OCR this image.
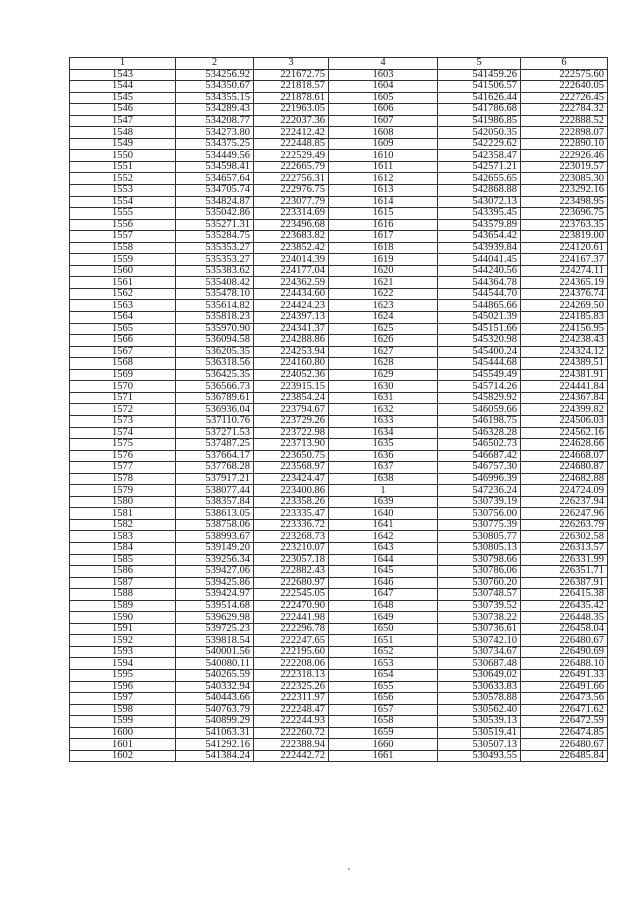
1	2	3	4	5	6
1543	534256.92	221672.75	1603	541459.26	222575.60
1544	534350.67	221818.57	1604	541506.57	222640.05
1545	534355.15	221878.61	1605	541626.44	222726.45
1546	534289.43	221963.05	1606	541786.68	222784.32
1547	534208.77	222037.36	1607	541986.85	222888.52
1548	534273.80	222412.42	1608	542050.35	222898.07
1549	534375.25	222448.85	1609	542229.62	222890.10
1550	534449.56	222529.49	1610	542358.47	222926.46
1551	534598.41	222665.79	1611	542571.21	223019.57
1552	534657.64	222756.31	1612	542655.65	223085.30
1553	534705.74	222976.75	1613	542868.88	223292.16
1554	534824.87	223077.79	1614	543072.13	223498.95
1555	535042.86	223314.69	1615	543395.45	223696.75
1556	535271.31	223496.68	1616	543579.89	223763.35
1557	535284.75	223683.82	1617	543654.42	223819.00
1558	535353.27	223852.42	1618	543939.84	224120.61
1559	535353.27	224014.39	1619	544041.45	224167.37
1560	535383.62	224177.04	1620	544240.56	224274.11
1561	535408.42	224362.59	1621	544364.78	224365.19
1562	535478.10	224434.60	1622	544544.70	224376.74
1563	535614.82	224424.23	1623	544865.66	224269.50
1564	535818.23	224397.13	1624	545021.39	224185.83
1565	535970.90	224341.37	1625	545151.66	224156.95
1566	536094.58	224288.86	1626	545320.98	224238.43
1567	536205.35	224253.94	1627	545400.24	224324.12
1568	536318.56	224160.80	1628	545444.68	224389.51
1569	536425.35	224052.36	1629	545549.49	224381.91
1570	536566.73	223915.15	1630	545714.26	224441.84
1571	536789.61	223854.24	1631	545829.92	224367.84
1572	536936.04	223794.67	1632	546059.66	224399.82
1573	537110.76	223729.26	1633	546198.75	224506.03
1574	537271.53	223722.98	1634	546328.28	224562.16
1575	537487.25	223713.90	1635	546502.73	224628.66
1576	537664.17	223650.75	1636	546687.42	224668.07
1577	537768.28	223568.97	1637	546757.30	224680.87
1578	537917.21	223424.47	1638	546996.39	224682.88
1579	538077.44	223400.86	1	547236.24	224724.09
1580	538357.84	223358.26	1639	530739.19	226237.94
1581	538613.05	223335.47	1640	530756.00	226247.96
1582	538758.06	223336.72	1641	530775.39	226263.79
1583	538993.67	223268.73	1642	530805.77	226302.58
1584	539149.20	223210.07	1643	530805.13	226313.57
1585	539256.34	223057.18	1644	530798.66	226331.99
1586	539427.06	222882.43	1645	530786.06	226351.71
1587	539425.86	222680.97	1646	530760.20	226387.91
1588	539424.97	222545.05	1647	530748.57	226415.38
1589	539514.68	222470.90	1648	530739.52	226435.42
1590	539629.98	222441.98	1649	530738.22	226448.35
1591	539725.23	222296.78	1650	530736.61	226458.04
1592	539818.54	222247.65	1651	530742.10	226480.67
1593	540001.56	222195.60	1652	530734.67	226490.69
1594	540080.11	222208.06	1653	530687.48	226488.10
1595	540265.59	222318.13	1654	530649.02	226491.33
1596	540332.94	222325.26	1655	530633.83	226491.66
1597	540443.66	222311.97	1656	530578.88	226473.56
1598	540763.79	222248.47	1657	530562.40	226471.62
1599	540899.29	222244.93	1658	530539.13	226472.59
1600	541063.31	222260.72	1659	530519.41	226474.85
1601	541292.16	222388.94	1660	530507.13	226480.67
1602	541384.24	222442.72	1661	530493.55	226485.84
